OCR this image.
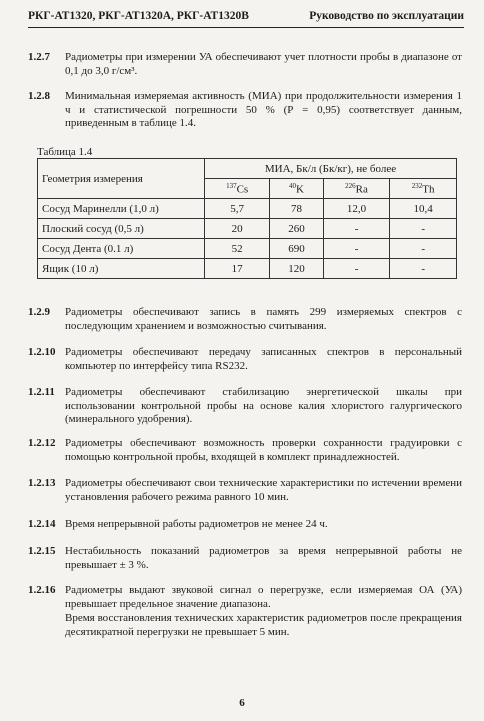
РКГ-АТ1320, РКГ-АТ1320А, РКГ-АТ1320В	Руководство по эксплуатации
1.2.7	Радиометры при измерении УА обеспечивают учет плотности пробы в диапазоне от 0,1 до 3,0 г/см³.

1.2.8	Минимальная измеряемая активность (МИА) при продолжительности измерения 1 ч и статистической погрешности 50 % (Р = 0,95) соответствует данным, приведенным в таблице 1.4.

Таблица 1.4
Геометрия измерения	МИА, Бк/л (Бк/кг), не более			
	$^{137}$Cs	$^{40}$K	$^{226}$Ra	$^{232}$Th
Сосуд Маринелли (1,0 л)	5,7	78	12,0	10,4
Плоский сосуд (0,5 л)	20	260	-	-
Сосуд Дента (0.1 л)	52	690	-	-
Ящик (10 л)	17	120	-	-
1.2.9	Радиометры обеспечивают запись в память 299 измеряемых спектров с последующим хранением и возможностью считывания.

1.2.10 Радиометры обеспечивают передачу записанных спектров в персональный компьютер по интерфейсу типа RS232.

1.2.11 Радиометры обеспечивают стабилизацию энергетической шкалы при использовании контрольной пробы на основе калия хлористого галургического (минерального удобрения).

1.2.12 Радиометры обеспечивают возможность проверки сохранности градуировки с помощью контрольной пробы, входящей в комплект принадлежностей.

1.2.13 Радиометры обеспечивают свои технические характеристики по истечении времени установления рабочего режима равного 10 мин.

1.2.14 Время непрерывной работы радиометров не менее 24 ч.

1.2.15 Нестабильность показаний радиометров за время непрерывной работы не превышает ± 3 %.

1.2.16 Радиометры выдают звуковой сигнал о перегрузке, если измеряемая ОА (УА) превышает предельное значение диапазона.

Время восстановления технических характеристик радиометров после прекращения десятикратной перегрузки не превышает 5 мин.

6
